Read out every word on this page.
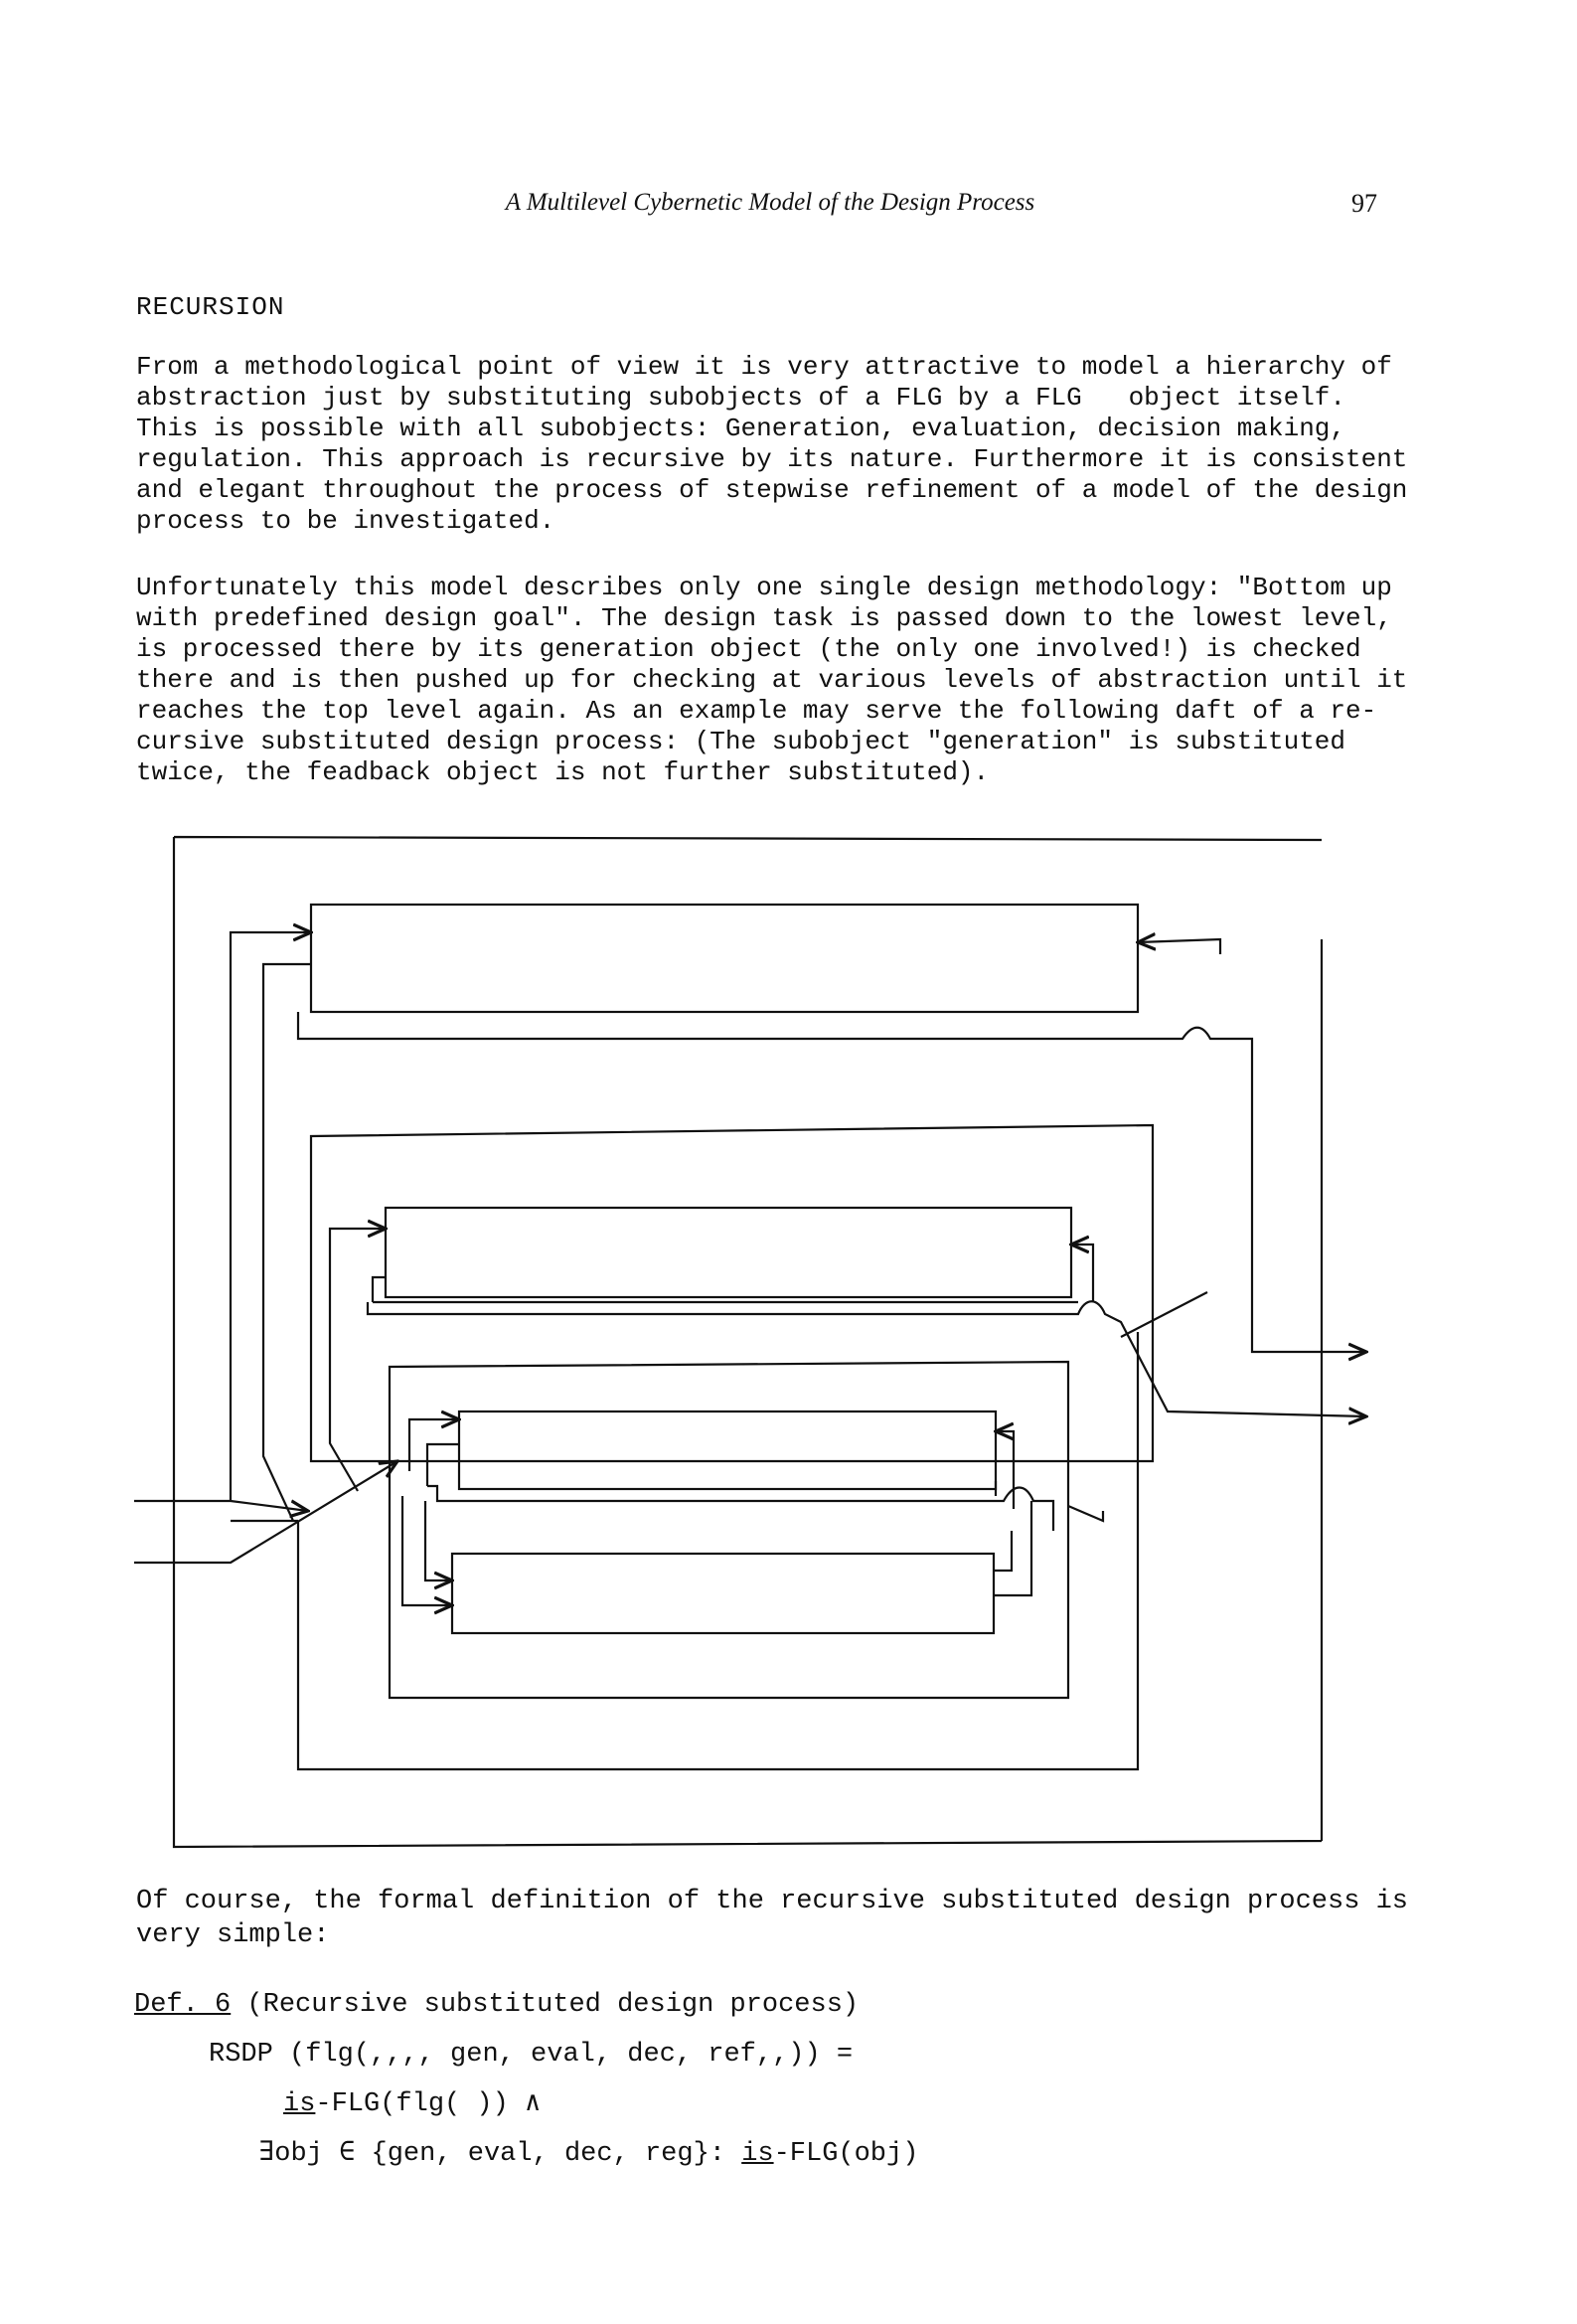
A Multilevel Cybernetic Model of the Design Process	97
RECURSION
From a methodological point of view it is very attractive to model a hierarchy of
abstraction just by substituting subobjects of a FLG by a FLG   object itself.
This is possible with all subobjects: Generation, evaluation, decision making,
regulation. This approach is recursive by its nature. Furthermore it is consistent
and elegant throughout the process of stepwise refinement of a model of the design
process to be investigated.
Unfortunately this model describes only one single design methodology: "Bottom up
with predefined design goal". The design task is passed down to the lowest level,
is processed there by its generation object (the only one involved!) is checked
there and is then pushed up for checking at various levels of abstraction until it
reaches the top level again. As an example may serve the following daft of a re-
cursive substituted design process: (The subobject "generation" is substituted
twice, the feadback object is not further substituted).
Of course, the formal definition of the recursive substituted design process is
very simple:
Def. 6 (Recursive substituted design process)
RSDP (flg(,,,, gen, eval, dec, ref,,)) =
is-FLG(flg( )) ∧
∃obj ∈ {gen, eval, dec, reg}: is-FLG(obj)
